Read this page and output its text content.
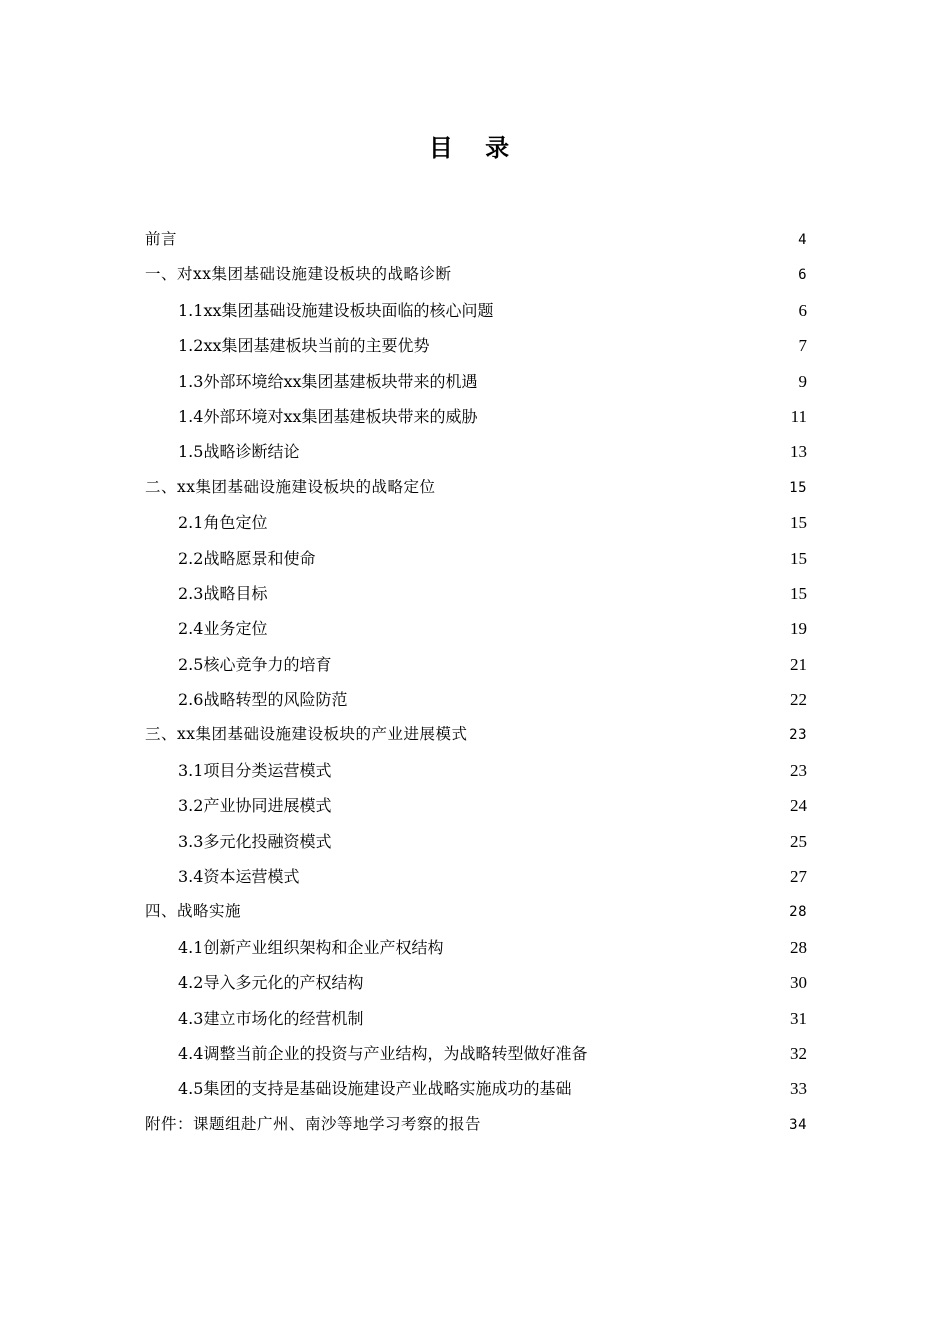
目 录
前言	4
一、对xx集团基础设施建设板块的战略诊断	6
1.1xx集团基础设施建设板块面临的核心问题	6
1.2xx集团基建板块当前的主要优势	7
1.3外部环境给xx集团基建板块带来的机遇	9
1.4外部环境对xx集团基建板块带来的威胁	11
1.5战略诊断结论	13
二、xx集团基础设施建设板块的战略定位	15
2.1角色定位	15
2.2战略愿景和使命	15
2.3战略目标	15
2.4业务定位	19
2.5核心竞争力的培育	21
2.6战略转型的风险防范	22
三、xx集团基础设施建设板块的产业进展模式	23
3.1项目分类运营模式	23
3.2产业协同进展模式	24
3.3多元化投融资模式	25
3.4资本运营模式	27
四、战略实施	28
4.1创新产业组织架构和企业产权结构	28
4.2导入多元化的产权结构	30
4.3建立市场化的经营机制	31
4.4调整当前企业的投资与产业结构，为战略转型做好准备	32
4.5集团的支持是基础设施建设产业战略实施成功的基础	33
附件：课题组赴广州、南沙等地学习考察的报告	34
